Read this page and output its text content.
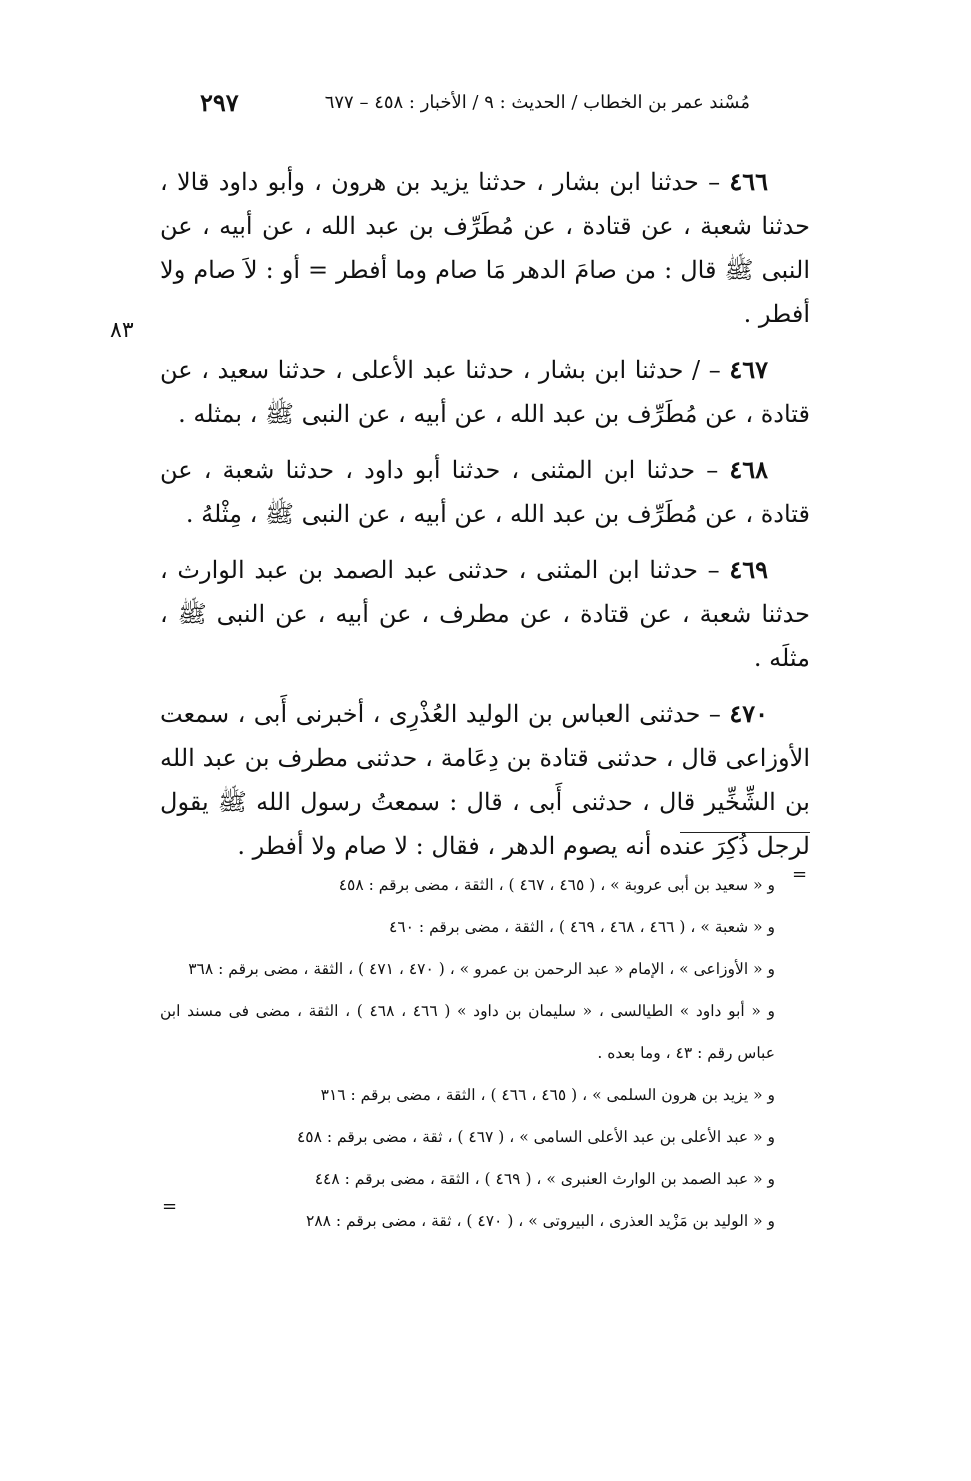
مُسْند عمر بن الخطاب / الحديث : ٩ / الأخبار : ٤٥٨ – ٦٧٧
٢٩٧
٨٣

٤٦٦ – حدثنا ابن بشار ، حدثنا يزيد بن هرون ، وأبو داود قالا ، حدثنا شعبة ، عن قتادة ، عن مُطَرِّف بن عبد الله ، عن أبيه ، عن النبى ﷺ قال : من صامَ الدهر مَا صام وما أفطر = أو : لاَ صام ولا أفطر .

٤٦٧ – / حدثنا ابن بشار ، حدثنا عبد الأعلى ، حدثنا سعيد ، عن قتادة ، عن مُطَرِّف بن عبد الله ، عن أبيه ، عن النبى ﷺ ، بمثله .

٤٦٨ – حدثنا ابن المثنى ، حدثنا أبو داود ، حدثنا شعبة ، عن قتادة ، عن مُطَرِّف بن عبد الله ، عن أبيه ، عن النبى ﷺ ، مِثْلهُ .

٤٦٩ – حدثنا ابن المثنى ، حدثنى عبد الصمد بن عبد الوارث ، حدثنا شعبة ، عن قتادة ، عن مطرف ، عن أبيه ، عن النبى ﷺ ، مثلَه .

٤٧٠ – حدثنى العباس بن الوليد العُذْرِى ، أخبرنى أَبى ، سمعت الأوزاعى قال ، حدثنى قتادة بن دِعَامة ، حدثنى مطرف بن عبد الله بن الشِّخِّير قال ، حدثنى أَبى ، قال : سمعتُ رسول الله ﷺ يقول لرجل ذُكِرَ عنده أنه يصوم الدهر ، فقال : لا صام ولا أفطر .

=
=
و « سعيد بن أبى عروبة » ، ( ٤٦٥ ، ٤٦٧ ) ، الثقة ، مضى برقم : ٤٥٨
و « شعبة » ، ( ٤٦٦ ، ٤٦٨ ، ٤٦٩ ) ، الثقة ، مضى برقم : ٤٦٠
و « الأوزاعى » ، الإمام « عبد الرحمن بن عمرو » ، ( ٤٧٠ ، ٤٧١ ) ، الثقة ، مضى برقم : ٣٦٨
و « أبو داود » الطيالسى ، « سليمان بن داود » ( ٤٦٦ ، ٤٦٨ ) ، الثقة ، مضى فى مسند ابن عباس رقم : ٤٣ ، وما بعده .
و « يزيد بن هرون السلمى » ، ( ٤٦٥ ، ٤٦٦ ) ، الثقة ، مضى برقم : ٣١٦
و « عبد الأعلى بن عبد الأعلى السامى » ، ( ٤٦٧ ) ، ثقة ، مضى برقم : ٤٥٨
و « عبد الصمد بن الوارث العنبرى » ، ( ٤٦٩ ) ، الثقة ، مضى برقم : ٤٤٨
و « الوليد بن مَزْيد العذرى ، البيروتى » ، ( ٤٧٠ ) ، ثقة ، مضى برقم : ٢٨٨
